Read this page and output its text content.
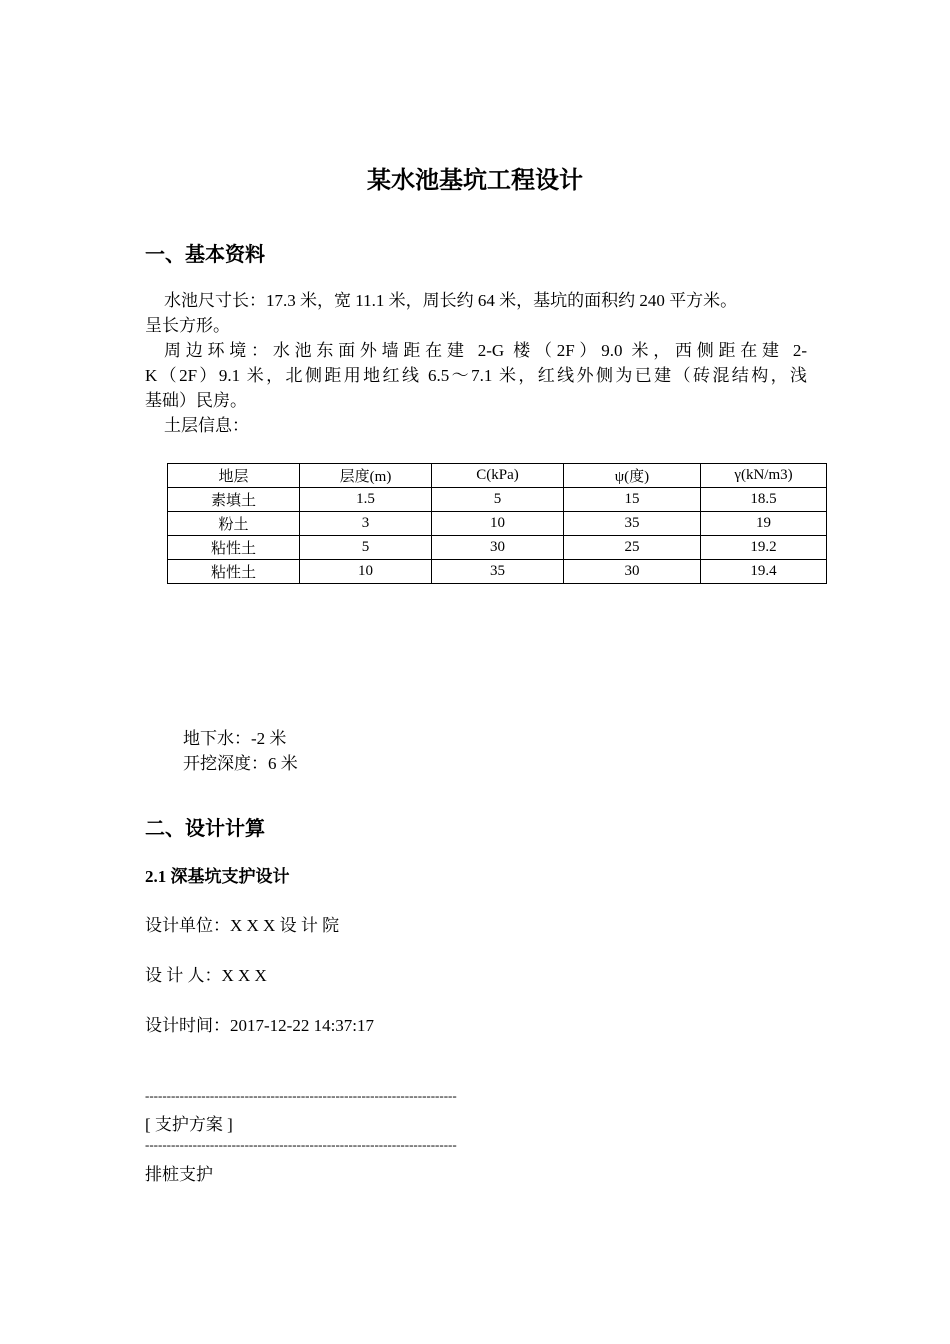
某水池基坑工程设计
一、基本资料
水池尺寸长：17.3 米，宽 11.1 米，周长约 64 米，基坑的面积约 240 平方米。
呈长方形。
周边环境：水池东面外墙距在建 2-G 楼（2F）9.0 米，西侧距在建 2-
K（2F）9.1 米，北侧距用地红线 6.5～7.1 米，红线外侧为已建（砖混结构，浅
基础）民房。
土层信息：
地层	层度(m)	C(kPa)	ψ(度)	γ(kN/m3)
素填土	1.5	5	15	18.5
粉土	3	10	35	19
粘性土	5	30	25	19.2
粘性土	10	35	30	19.4
地下水：-2 米
开挖深度：6 米
二、设计计算
2.1 深基坑支护设计
设计单位：X X X 设 计 院
设 计 人：X X X
设计时间：2017-12-22 14:37:17
------------------------------------------------------------------------
[ 支护方案 ]
------------------------------------------------------------------------
排桩支护
